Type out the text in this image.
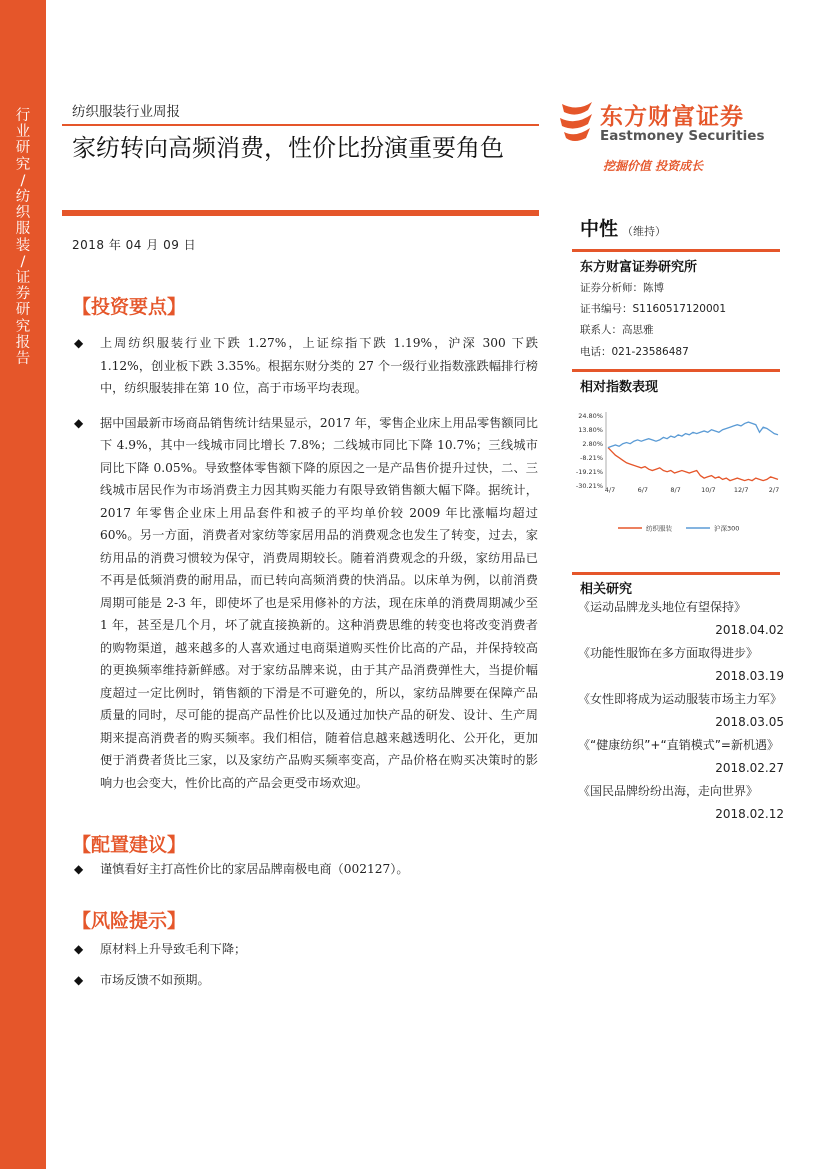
行业研究 / 纺织服装 / 证券研究报告
纺织服装行业周报
家纺转向高频消费，性价比扮演重要角色
2018 年 04 月 09 日
【投资要点】
◆ 上周纺织服装行业下跌 1.27%，上证综指下跌 1.19%，沪深 300 下跌 1.12%，创业板下跌 3.35%。根据东财分类的 27 个一级行业指数涨跌幅排行榜中，纺织服装排在第 10 位，高于市场平均表现。
◆ 据中国最新市场商品销售统计结果显示，2017 年，零售企业床上用品零售额同比下 4.9%，其中一线城市同比增长 7.8%；二线城市同比下降 10.7%；三线城市同比下降 0.05%。导致整体零售额下降的原因之一是产品售价提升过快，二、三线城市居民作为市场消费主力因其购买能力有限导致销售额大幅下降。据统计，2017 年零售企业床上用品套件和被子的平均单价较 2009 年比涨幅均超过 60%。另一方面，消费者对家纺等家居用品的消费观念也发生了转变，过去，家纺用品的消费习惯较为保守，消费周期较长。随着消费观念的升级，家纺用品已不再是低频消费的耐用品，而已转向高频消费的快消品。以床单为例，以前消费周期可能是 2-3 年，即使坏了也是采用修补的方法，现在床单的消费周期减少至 1 年，甚至是几个月，坏了就直接换新的。这种消费思维的转变也将改变消费者的购物渠道，越来越多的人喜欢通过电商渠道购买性价比高的产品，并保持较高的更换频率维持新鲜感。对于家纺品牌来说，由于其产品消费弹性大，当提价幅度超过一定比例时，销售额的下滑是不可避免的，所以，家纺品牌要在保障产品质量的同时，尽可能的提高产品性价比以及通过加快产品的研发、设计、生产周期来提高消费者的购买频率。我们相信，随着信息越来越透明化、公开化，更加便于消费者货比三家，以及家纺产品购买频率变高，产品价格在购买决策时的影响力也会变大，性价比高的产品会更受市场欢迎。
【配置建议】
◆ 谨慎看好主打高性价比的家居品牌南极电商（002127）。
【风险提示】
◆ 原材料上升导致毛利下降；
◆ 市场反馈不如预期。
东方财富证券
Eastmoney Securities
挖掘价值 投资成长
中性 （维持）
东方财富证券研究所
证券分析师：陈博
证书编号：S1160517120001
联系人：高思雅
电话：021-23586487
相对指数表现
24.80%
13.80%
2.80%
-8.21%
-19.21%
-30.21% 4/7	6/7	8/7	10/7	12/7	2/7
纺织服装	沪深300
相关研究
《运动品牌龙头地位有望保持》
2018.04.02
《功能性服饰在多方面取得进步》
2018.03.19
《女性即将成为运动服装市场主力军》
2018.03.05
《“健康纺织”+“直销模式”=新机遇》
2018.02.27
《国民品牌纷纷出海，走向世界》
2018.02.12
